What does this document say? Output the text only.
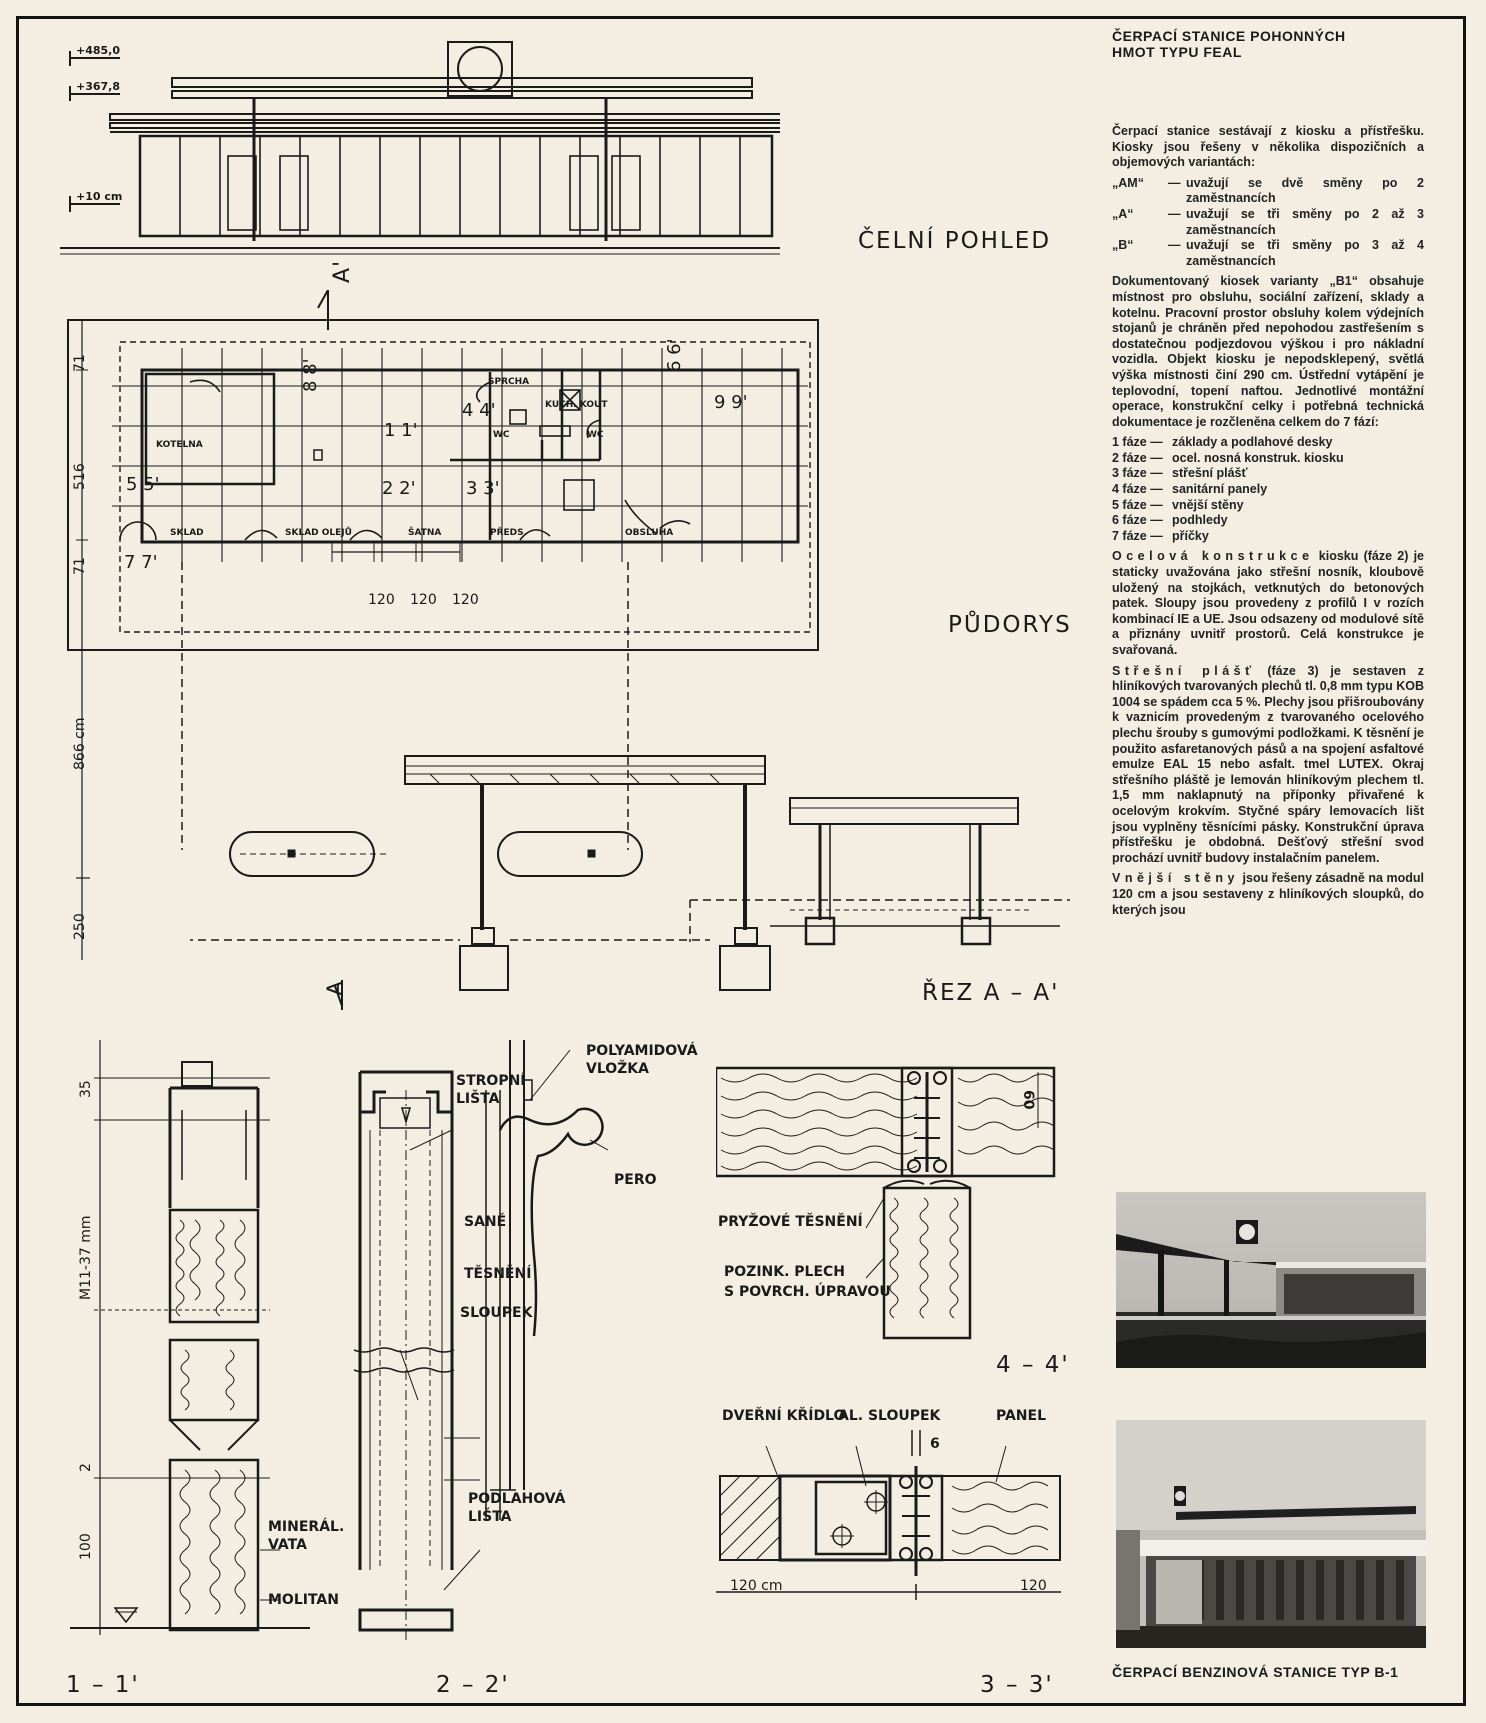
+485,0
+367,8
+10 cm
ČELNÍ POHLED
A'
KOTELNA
SPRCHA
KUCH. KOUT
WC	WC
SKLAD	SKLAD OLEJŮ	ŠATNA	PŘEDS.	OBSLUHA
8 8'
4 4'
6 6'
9 9'
1 1'
2 2'	3 3'
5 5'
7 7'
120 120 120
71
516
71
866 cm
250
PŮDORYS
A	ŘEZ A – A'
35
M11-37 mm
2
100
MINERÁL. VATA
MOLITAN
1 – 1'
STROPNÍ LIŠTA
POLYAMIDOVÁ VLOŽKA
PERO
SANĚ
TĚSNĚNÍ
SLOUPEK
PODLAHOVÁ LIŠTA
2 – 2'
60
PRYŽOVÉ TĚSNĚNÍ
POZINK. PLECH
S POVRCH. ÚPRAVOU
4 – 4'
DVEŘNÍ KŘÍDLO
AL. SLOUPEK	PANEL
6
120 cm	120
3 – 3'
ČERPACÍ STANICE POHONNÝCH
HMOT TYPU FEAL

Čerpací stanice sestávají z kiosku a přístřešku. Kiosky jsou řešeny v několika dispozičních a objemových variantách:

„AM“	— uvažují se dvě směny po 2 zaměstnancích
„A“	— uvažují se tři směny po 2 až 3 zaměstnancích
„B“	— uvažují se tři směny po 3 až 4 zaměstnancích

Dokumentovaný kiosek varianty „B1“ obsahuje místnost pro obsluhu, sociální zařízení, sklady a kotelnu. Pracovní prostor obsluhy kolem výdejních stojanů je chráněn před nepohodou zastřešením s dostatečnou podjezdovou výškou i pro nákladní vozidla. Objekt kiosku je nepodsklepený, světlá výška místnosti činí 290 cm. Ústřední vytápění je teplovodní, topení naftou. Jednotlivé montážní operace, konstrukční celky i potřebná technická dokumentace je rozčleněna celkem do 7 fází:

1 fáze — základy a podlahové desky
2 fáze — ocel. nosná konstruk. kiosku
3 fáze — střešní plášť
4 fáze — sanitární panely
5 fáze — vnější stěny
6 fáze — podhledy
7 fáze — příčky

Ocelová konstrukce kiosku (fáze 2) je staticky uvažována jako střešní nosník, kloubově uložený na stojkách, vetknutých do betonových patek. Sloupy jsou provedeny z profilů I v rozích kombinací IE a UE. Jsou odsazeny od modulové sítě a přiznány uvnitř prostorů. Celá konstrukce je svařovaná.

Střešní plášť (fáze 3) je sestaven z hliníkových tvarovaných plechů tl. 0,8 mm typu KOB 1004 se spádem cca 5 %. Plechy jsou přišroubovány k vaznicím provedeným z tvarovaného ocelového plechu šrouby s gumovými podložkami. K těsnění je použito asfaretanových pásů a na spojení asfaltové emulze EAL 15 nebo asfalt. tmel LUTEX. Okraj střešního pláště je lemován hliníkovým plechem tl. 1,5 mm naklapnutý na příponky přivařené k ocelovým krokvím. Styčné spáry lemovacích lišt jsou vyplněny těsnícími pásky. Konstrukční úprava přístřešku je obdobná. Dešťový střešní svod prochází uvnitř budovy instalačním panelem.

Vnější stěny jsou řešeny zásadně na modul 120 cm a jsou sestaveny z hliníkových sloupků, do kterých jsou

ČERPACÍ BENZINOVÁ STANICE TYP B-1
